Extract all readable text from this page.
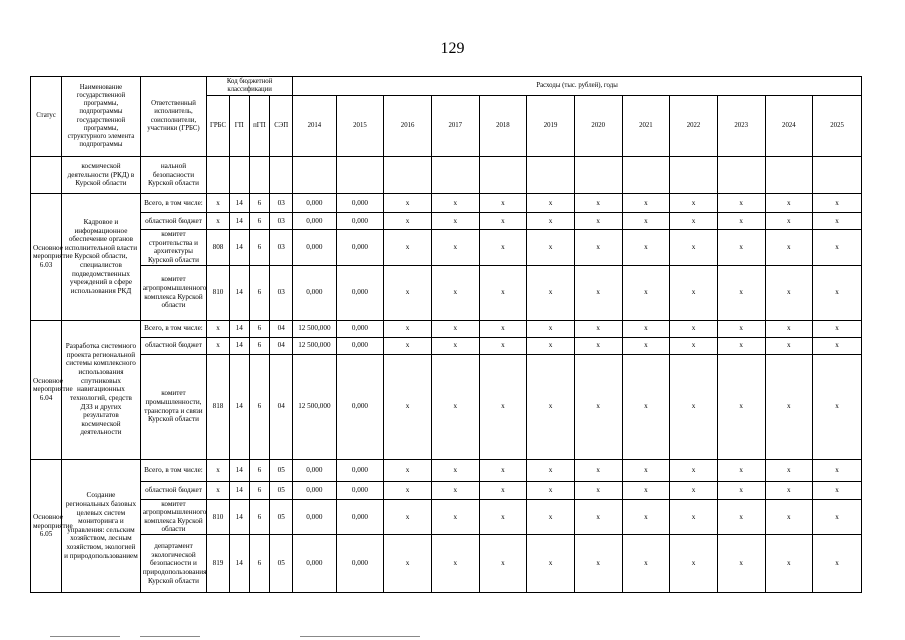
129
Статус	Наименование государственной программы, подпрограммы государственной программы, структурного элемента подпрограммы	Ответственный исполнитель, соисполнители, участники (ГРБС)	Код бюджетной классификации				Расходы (тыс. рублей), годы											
			ГРБС	ГП	пГП	СЭП	2014	2015	2016	2017	2018	2019	2020	2021	2022	2023	2024	2025
	космической деятельности (РКД) в Курской области	нальной безопасности Курской области																
Основное мероприятие 6.03	Кадровое и информационное обеспечение органов исполнительной власти Курской области, специалистов подведомственных учреждений в сфере использования РКД	Всего, в том числе:	x	14	6	03	0,000	0,000	x	x	x	x	x	x	x	x	x	x
		областной бюджет	x	14	6	03	0,000	0,000	x	x	x	x	x	x	x	x	x	x
		комитет строительства и архитектуры Курской области	808	14	6	03	0,000	0,000	x	x	x	x	x	x	x	x	x	x
		комитет агропромышленного комплекса Курской области	810	14	6	03	0,000	0,000	x	x	x	x	x	x	x	x	x	x
Основное мероприятие 6.04	Разработка системного проекта региональной системы комплексного использования спутниковых навигационных технологий, средств ДЗЗ и других результатов космической деятельности	Всего, в том числе:	x	14	6	04	12 500,000	0,000	x	x	x	x	x	x	x	x	x	x
		областной бюджет	x	14	6	04	12 500,000	0,000	x	x	x	x	x	x	x	x	x	x
		комитет промышленности, транспорта и связи Курской области	818	14	6	04	12 500,000	0,000	x	x	x	x	x	x	x	x	x	x
Основное мероприятие 6.05	Создание региональных базовых целевых систем мониторинга и управления: сельским хозяйством, лесным хозяйством, экологией и природопользованием	Всего, в том числе:	x	14	6	05	0,000	0,000	x	x	x	x	x	x	x	x	x	x
		областной бюджет	x	14	6	05	0,000	0,000	x	x	x	x	x	x	x	x	x	x
		комитет агропромышленного комплекса Курской области	810	14	6	05	0,000	0,000	x	x	x	x	x	x	x	x	x	x
		департамент экологической безопасности и природопользования Курской области	819	14	6	05	0,000	0,000	x	x	x	x	x	x	x	x	x	x
